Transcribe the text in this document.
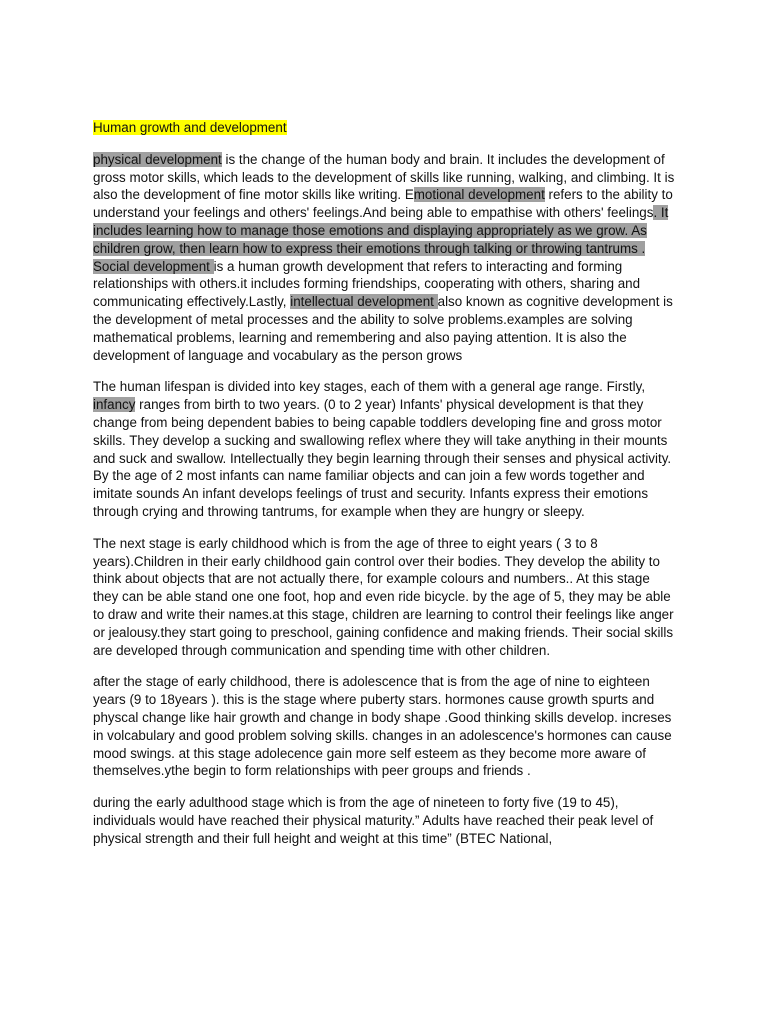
Human growth and development

physical development is the change of the human body and brain. It includes the development of gross motor skills, which leads to the development of skills like running, walking, and climbing. It is also the development of fine motor skills like writing. Emotional development refers to the ability to understand your feelings and others' feelings.And being able to empathise with others' feelings. It includes learning how to manage those emotions and displaying appropriately as we grow. As children grow, then learn how to express their emotions through talking or throwing tantrums . Social development is a human growth development that refers to interacting and forming relationships with others.it includes forming friendships, cooperating with others, sharing and communicating effectively.Lastly, intellectual development also known as cognitive development is the development of metal processes and the ability to solve problems.examples are solving mathematical problems, learning and remembering and also paying attention. It is also the development of language and vocabulary as the person grows

The human lifespan is divided into key stages, each of them with a general age range. Firstly, infancy ranges from birth to two years. (0 to 2 year) Infants' physical development is that they change from being dependent babies to being capable toddlers developing fine and gross motor skills. They develop a sucking and swallowing reflex where they will take anything in their mounts and suck and swallow. Intellectually they begin learning through their senses and physical activity. By the age of 2 most infants can name familiar objects and can join a few words together and imitate sounds An infant develops feelings of trust and security. Infants express their emotions through crying and throwing tantrums, for example when they are hungry or sleepy.

The next stage is early childhood which is from the age of three to eight years ( 3 to 8 years).Children in their early childhood gain control over their bodies. They develop the ability to think about objects that are not actually there, for example colours and numbers.. At this stage they can be able stand one one foot, hop and even ride bicycle. by the age of 5, they may be able to draw and write their names.at this stage, children are learning to control their feelings like anger or jealousy.they start going to preschool, gaining confidence and making friends. Their social skills are developed through communication and spending time with other children.

after the stage of early childhood, there is adolescence that is from the age of nine to eighteen years (9 to 18years ). this is the stage where puberty stars. hormones cause growth spurts and physcal change like hair growth and change in body shape .Good thinking skills develop. increses in volcabulary and good problem solving skills. changes in an adolescence's hormones can cause mood swings. at this stage adolecence gain more self esteem as they become more aware of themselves.ythe begin to form relationships with peer groups and friends .

during the early adulthood stage which is from the age of nineteen to forty five (19 to 45), individuals would have reached their physical maturity.” Adults have reached their peak level of physical strength and their full height and weight at this time” (BTEC National,
